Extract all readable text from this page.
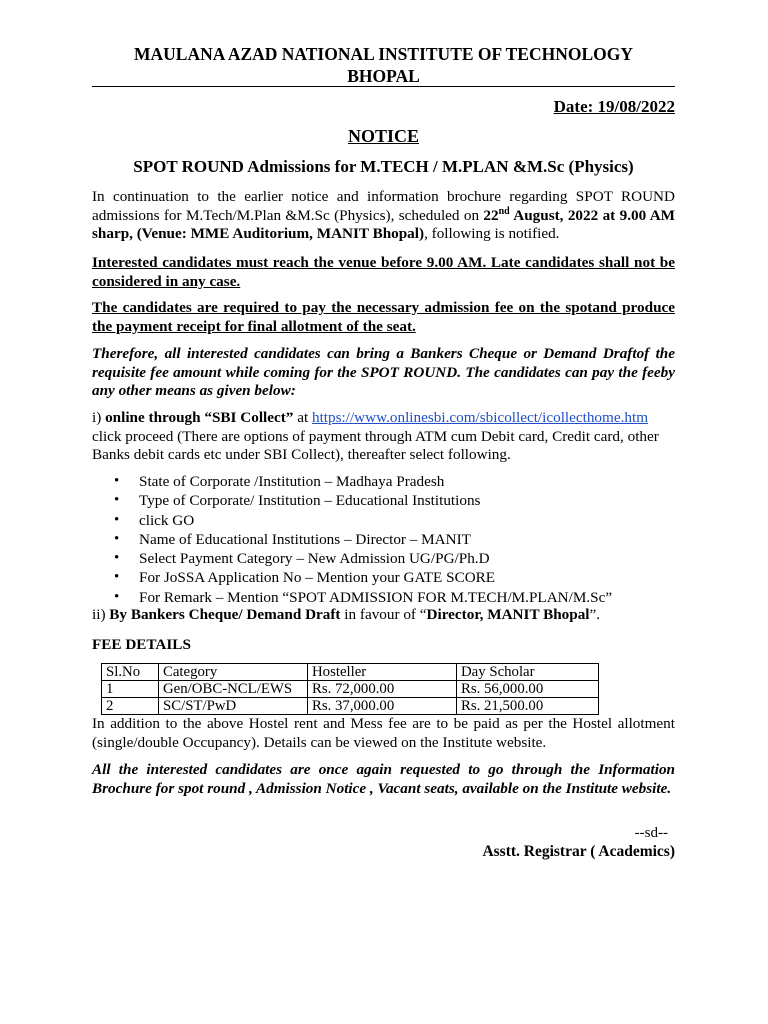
MAULANA AZAD NATIONAL INSTITUTE OF TECHNOLOGY
BHOPAL
Date: 19/08/2022
NOTICE
SPOT ROUND Admissions for M.TECH / M.PLAN &M.Sc (Physics)
In continuation to the earlier notice and information brochure regarding SPOT ROUND admissions for M.Tech/M.Plan &M.Sc (Physics), scheduled on 22nd August, 2022 at 9.00 AM sharp, (Venue: MME Auditorium, MANIT Bhopal), following is notified.
Interested candidates must reach the venue before 9.00 AM. Late candidates shall not be considered in any case.
The candidates are required to pay the necessary admission fee on the spotand produce the payment receipt for final allotment of the seat.
Therefore, all interested candidates can bring a Bankers Cheque or Demand Draftof the requisite fee amount while coming for the SPOT ROUND. The candidates can pay the feeby any other means as given below:
i) online through “SBI Collect” at https://www.onlinesbi.com/sbicollect/icollecthome.htm click proceed (There are options of payment through ATM cum Debit card, Credit card, other Banks debit cards etc under SBI Collect), thereafter select following.
• State of Corporate /Institution – Madhaya Pradesh
• Type of Corporate/ Institution – Educational Institutions
• click GO
• Name of Educational Institutions – Director – MANIT
• Select Payment Category – New Admission UG/PG/Ph.D
• For JoSSA Application No – Mention your GATE SCORE
• For Remark – Mention “SPOT ADMISSION FOR M.TECH/M.PLAN/M.Sc”
ii) By Bankers Cheque/ Demand Draft in favour of “Director, MANIT Bhopal”.
FEE DETAILS
Sl.No	Category	Hosteller	Day Scholar
1	Gen/OBC-NCL/EWS	Rs. 72,000.00	Rs. 56,000.00
2	SC/ST/PwD	Rs. 37,000.00	Rs. 21,500.00
In addition to the above Hostel rent and Mess fee are to be paid as per the Hostel allotment (single/double Occupancy). Details can be viewed on the Institute website.
All the interested candidates are once again requested to go through the Information Brochure for spot round , Admission Notice , Vacant seats, available on the Institute website.
--sd--
Asstt. Registrar ( Academics)
